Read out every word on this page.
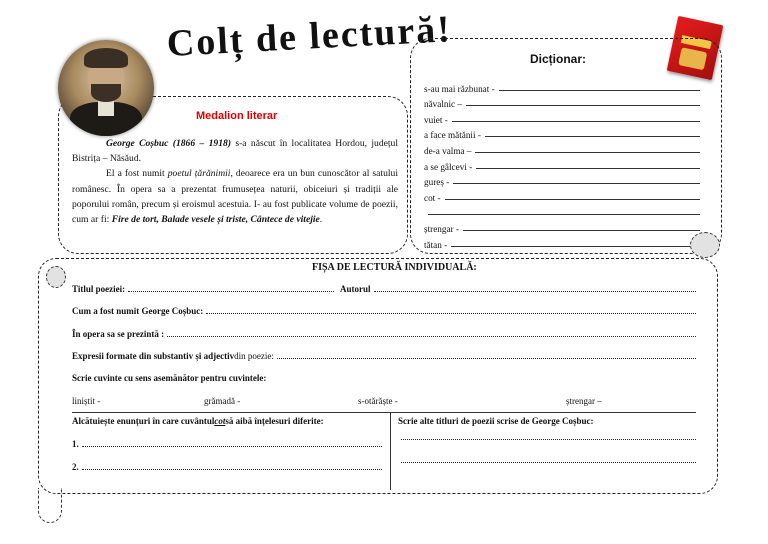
Colț de lectură!
Medalion literar

George Coșbuc (1866 – 1918) s-a născut în localitatea Hordou, județul Bistrița – Năsăud.

El a fost numit poetul țărănimii, deoarece era un bun cunoscător al satului românesc. În opera sa a prezentat frumusețea naturii, obiceiuri și tradiții ale poporului român, precum și eroismul acestuia. I- au fost publicate volume de poezii, cum ar fi: Fire de tort, Balade vesele și triste, Cântece de vitejie.

Dicționar:
s-au mai răzbunat -
năvalnic –
vuiet -
a face mătănii -
de-a valma –
a se gâlcevi -
gureș -
cot -
ștrengar -
tătan -
FIȘA DE LECTURĂ INDIVIDUALĂ:
Titlul poeziei:	Autorul
Cum a fost numit George Coșbuc:
În opera sa se prezintă :
Expresii formate din substantiv și adjectiv din poezie:
Scrie cuvinte cu sens asemănător pentru cuvintele:
liniștit -	grămadă -	s-otărăște -	ștrengar –
Alcătuiește enunțuri în care cuvântul cot să aibă înțelesuri diferite:	Scrie alte titluri de poezii scrise de George Coșbuc:
1.
2.
